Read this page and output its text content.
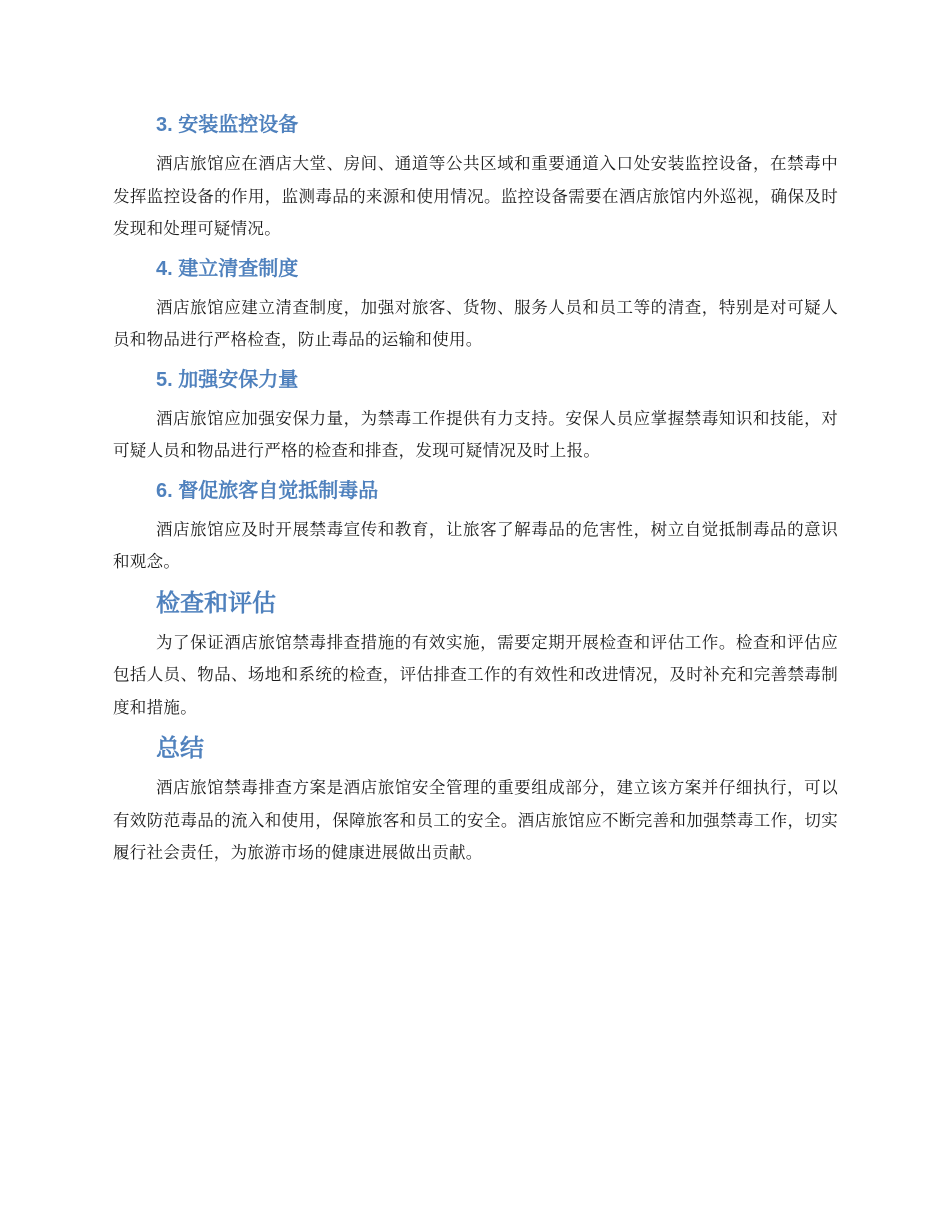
3. 安装监控设备

酒店旅馆应在酒店大堂、房间、通道等公共区域和重要通道入口处安装监控设备，在禁毒中发挥监控设备的作用，监测毒品的来源和使用情况。监控设备需要在酒店旅馆内外巡视，确保及时发现和处理可疑情况。

4. 建立清查制度

酒店旅馆应建立清查制度，加强对旅客、货物、服务人员和员工等的清查，特别是对可疑人员和物品进行严格检查，防止毒品的运输和使用。

5. 加强安保力量

酒店旅馆应加强安保力量，为禁毒工作提供有力支持。安保人员应掌握禁毒知识和技能，对可疑人员和物品进行严格的检查和排查，发现可疑情况及时上报。

6. 督促旅客自觉抵制毒品

酒店旅馆应及时开展禁毒宣传和教育，让旅客了解毒品的危害性，树立自觉抵制毒品的意识和观念。

检查和评估

为了保证酒店旅馆禁毒排查措施的有效实施，需要定期开展检查和评估工作。检查和评估应包括人员、物品、场地和系统的检查，评估排查工作的有效性和改进情况，及时补充和完善禁毒制度和措施。

总结

酒店旅馆禁毒排查方案是酒店旅馆安全管理的重要组成部分，建立该方案并仔细执行，可以有效防范毒品的流入和使用，保障旅客和员工的安全。酒店旅馆应不断完善和加强禁毒工作，切实履行社会责任，为旅游市场的健康进展做出贡献。
